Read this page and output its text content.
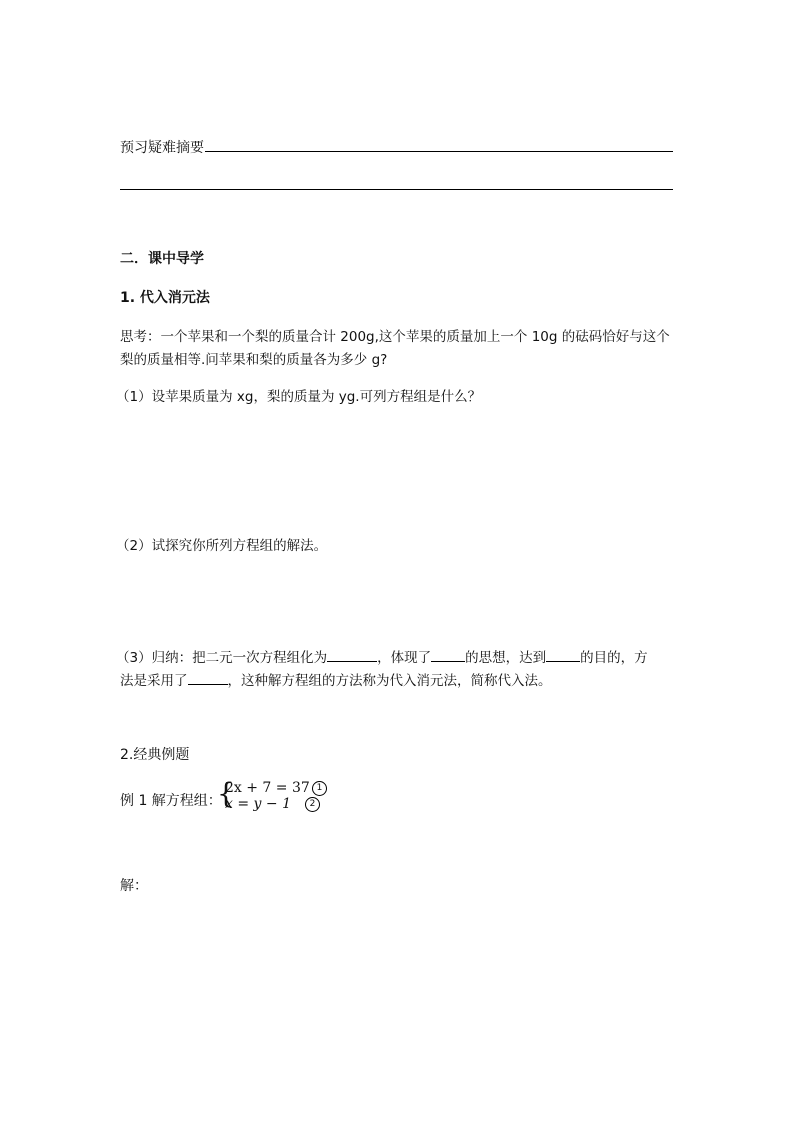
预习疑难摘要
二．课中导学
1. 代入消元法
思考：一个苹果和一个梨的质量合计 200g,这个苹果的质量加上一个 10g 的砝码恰好与这个
梨的质量相等.问苹果和梨的质量各为多少 g?
（1）设苹果质量为 xg，梨的质量为 yg.可列方程组是什么？
（2）试探究你所列方程组的解法。
（3）归纳：把二元一次方程组化为	，体现了	的思想，达到	的目的，方
法是采用了	，这种解方程组的方法称为代入消元法，简称代入法。
2.经典例题
例 1 解方程组：
{
2x + 7 = 37
x = y − 1
1
2
解：
